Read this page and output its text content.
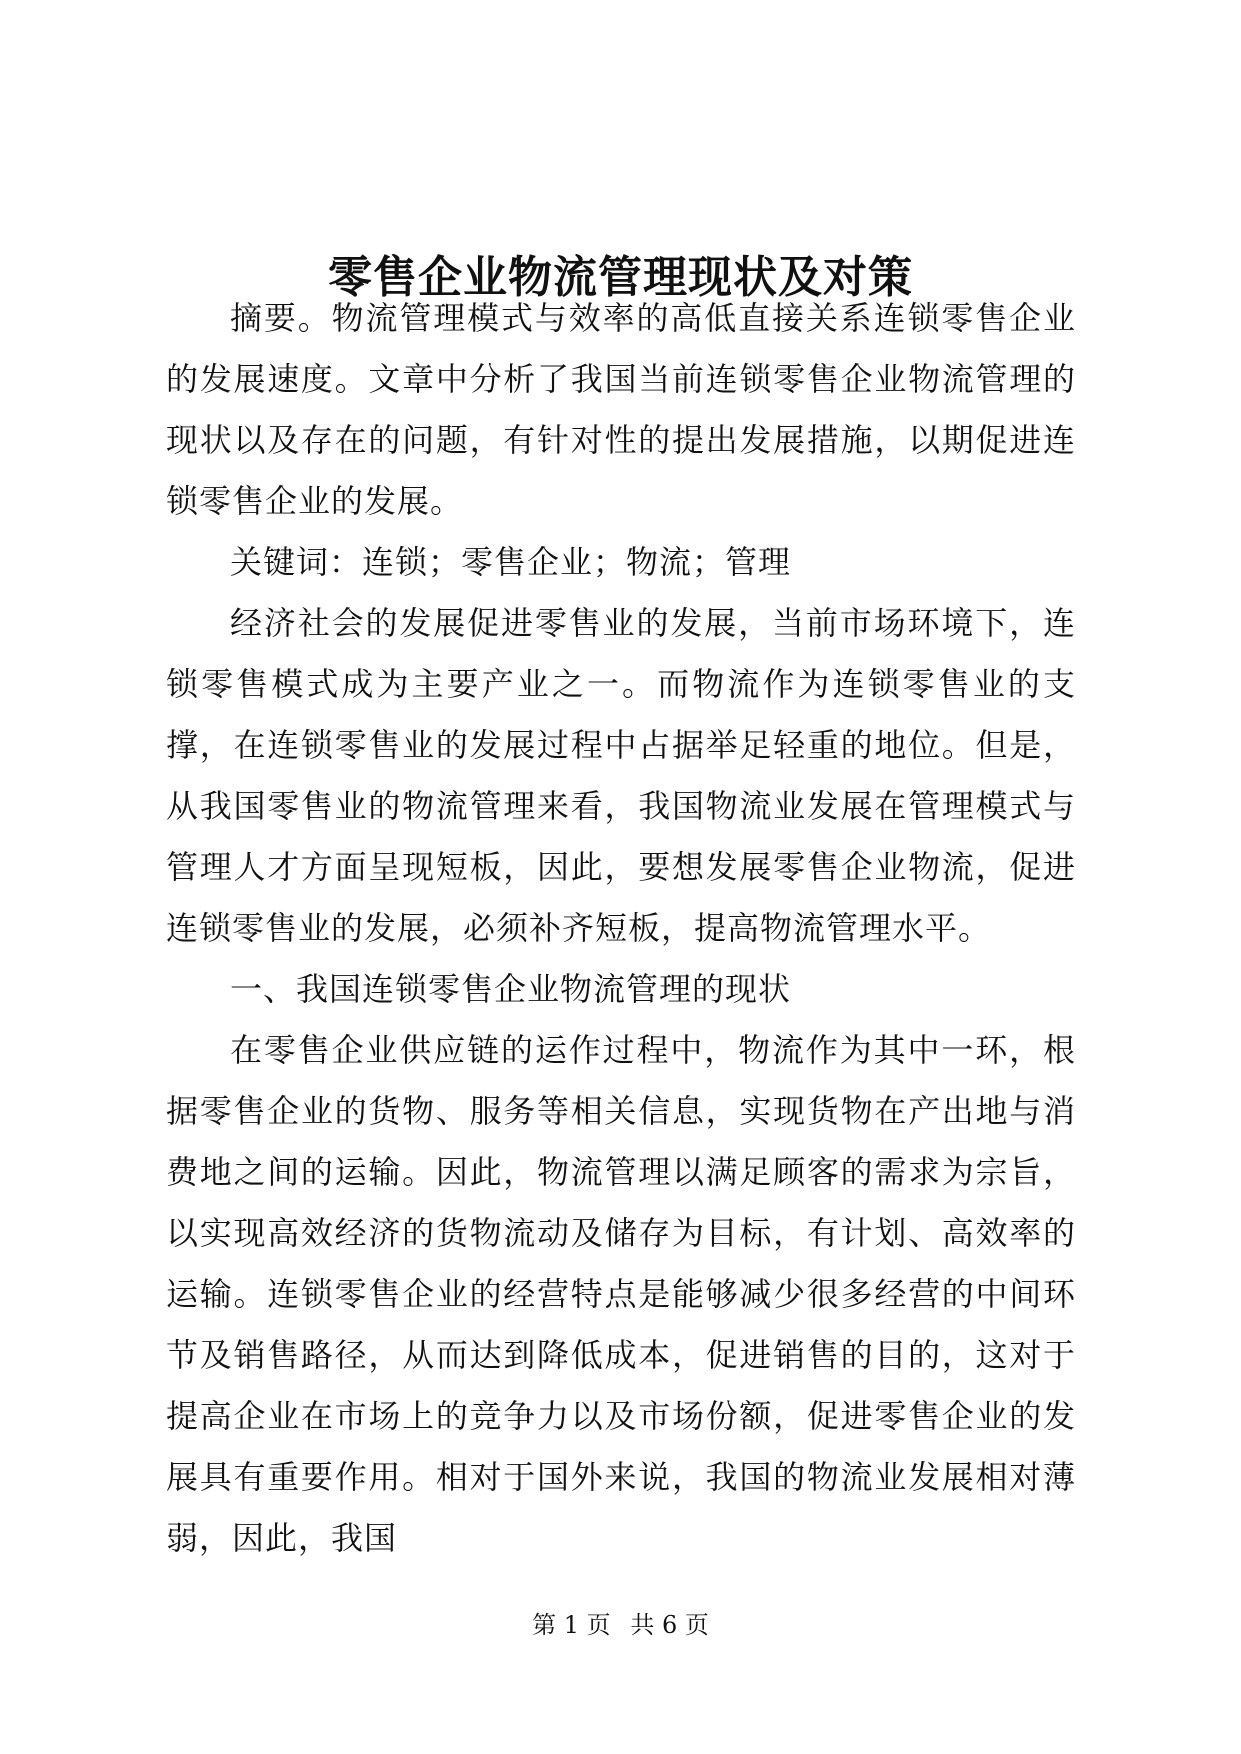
零售企业物流管理现状及对策

摘要。物流管理模式与效率的高低直接关系连锁零售企业的发展速度。文章中分析了我国当前连锁零售企业物流管理的现状以及存在的问题，有针对性的提出发展措施，以期促进连锁零售企业的发展。

关键词：连锁；零售企业；物流；管理

经济社会的发展促进零售业的发展，当前市场环境下，连锁零售模式成为主要产业之一。而物流作为连锁零售业的支撑，在连锁零售业的发展过程中占据举足轻重的地位。但是，从我国零售业的物流管理来看，我国物流业发展在管理模式与管理人才方面呈现短板，因此，要想发展零售企业物流，促进连锁零售业的发展，必须补齐短板，提高物流管理水平。

一、我国连锁零售企业物流管理的现状

在零售企业供应链的运作过程中，物流作为其中一环，根据零售企业的货物、服务等相关信息，实现货物在产出地与消费地之间的运输。因此，物流管理以满足顾客的需求为宗旨，以实现高效经济的货物流动及储存为目标，有计划、高效率的运输。连锁零售企业的经营特点是能够减少很多经营的中间环节及销售路径，从而达到降低成本，促进销售的目的，这对于提高企业在市场上的竞争力以及市场份额，促进零售企业的发展具有重要作用。相对于国外来说，我国的物流业发展相对薄弱，因此，我国

第 1 页 共 6 页
